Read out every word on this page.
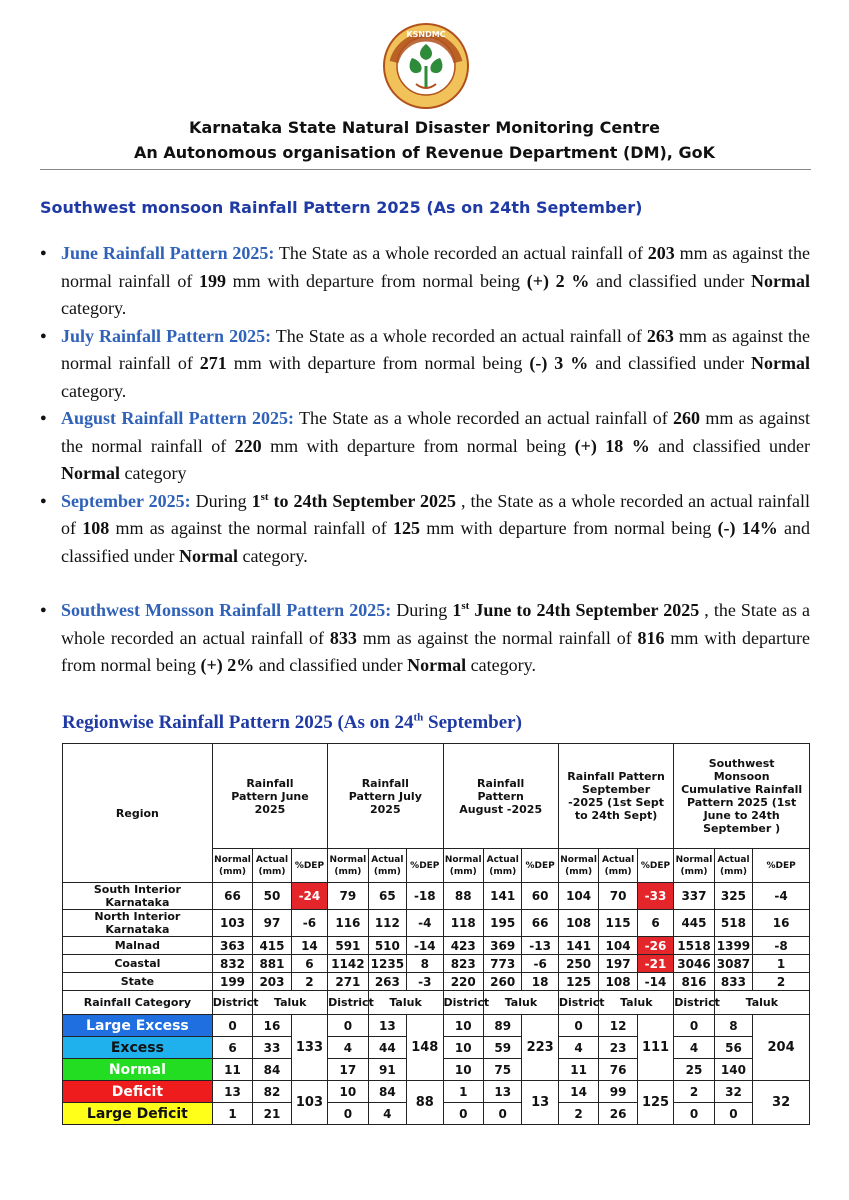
KSNDMC
Karnataka State Natural Disaster Monitoring Centre
An Autonomous organisation of Revenue Department (DM), GoK
Southwest monsoon Rainfall Pattern 2025 (As on 24th September)
● June Rainfall Pattern 2025: The State as a whole recorded an actual rainfall of 203 mm as against the normal rainfall of 199 mm with departure from normal being (+) 2 % and classified under Normal category.
● July Rainfall Pattern 2025: The State as a whole recorded an actual rainfall of 263 mm as against the normal rainfall of 271 mm with departure from normal being (-) 3 % and classified under Normal category.
● August Rainfall Pattern 2025: The State as a whole recorded an actual rainfall of 260 mm as against the normal rainfall of 220 mm with departure from normal being (+) 18 % and classified under Normal category
● September 2025: During 1st to 24th September 2025 , the State as a whole recorded an actual rainfall of 108 mm as against the normal rainfall of 125 mm with departure from normal being (-) 14% and classified under Normal category.
● Southwest Monsson Rainfall Pattern 2025: During 1st June to 24th September 2025 , the State as a whole recorded an actual rainfall of 833 mm as against the normal rainfall of 816 mm with departure from normal being (+) 2% and classified under Normal category.
Regionwise Rainfall Pattern 2025 (As on 24th September)
Region	Rainfall Pattern June 2025			Rainfall Pattern July 2025			Rainfall Pattern August -2025			Rainfall Pattern September -2025 (1st Sept to 24th Sept)			Southwest Monsoon Cumulative Rainfall Pattern 2025 (1st June to 24th September )		
	Normal (mm)	Actual (mm)	%DEP	Normal (mm)	Actual (mm)	%DEP	Normal (mm)	Actual (mm)	%DEP	Normal (mm)	Actual (mm)	%DEP	Normal (mm)	Actual (mm)	%DEP
South Interior Karnataka	66	50	-24	79	65	-18	88	141	60	104	70	-33	337	325	-4
North Interior Karnataka	103	97	-6	116	112	-4	118	195	66	108	115	6	445	518	16
Malnad	363	415	14	591	510	-14	423	369	-13	141	104	-26	1518	1399	-8
Coastal	832	881	6	1142	1235	8	823	773	-6	250	197	-21	3046	3087	1
State	199	203	2	271	263	-3	220	260	18	125	108	-14	816	833	2
Rainfall Category	District	Taluk		District	Taluk		District	Taluk		District	Taluk		District	Taluk	

Large Excess	0	16	133	0	13	148	10	89	223	0	12	111	0	8	204
Excess	6	33		4	44		10	59		4	23		4	56	
Normal	11	84		17	91		10	75		11	76		25	140	
Deficit	13	82	103	10	84	88	1	13	13	14	99	125	2	32	32
Large Deficit	1	21		0	4		0	0		2	26		0	0	
